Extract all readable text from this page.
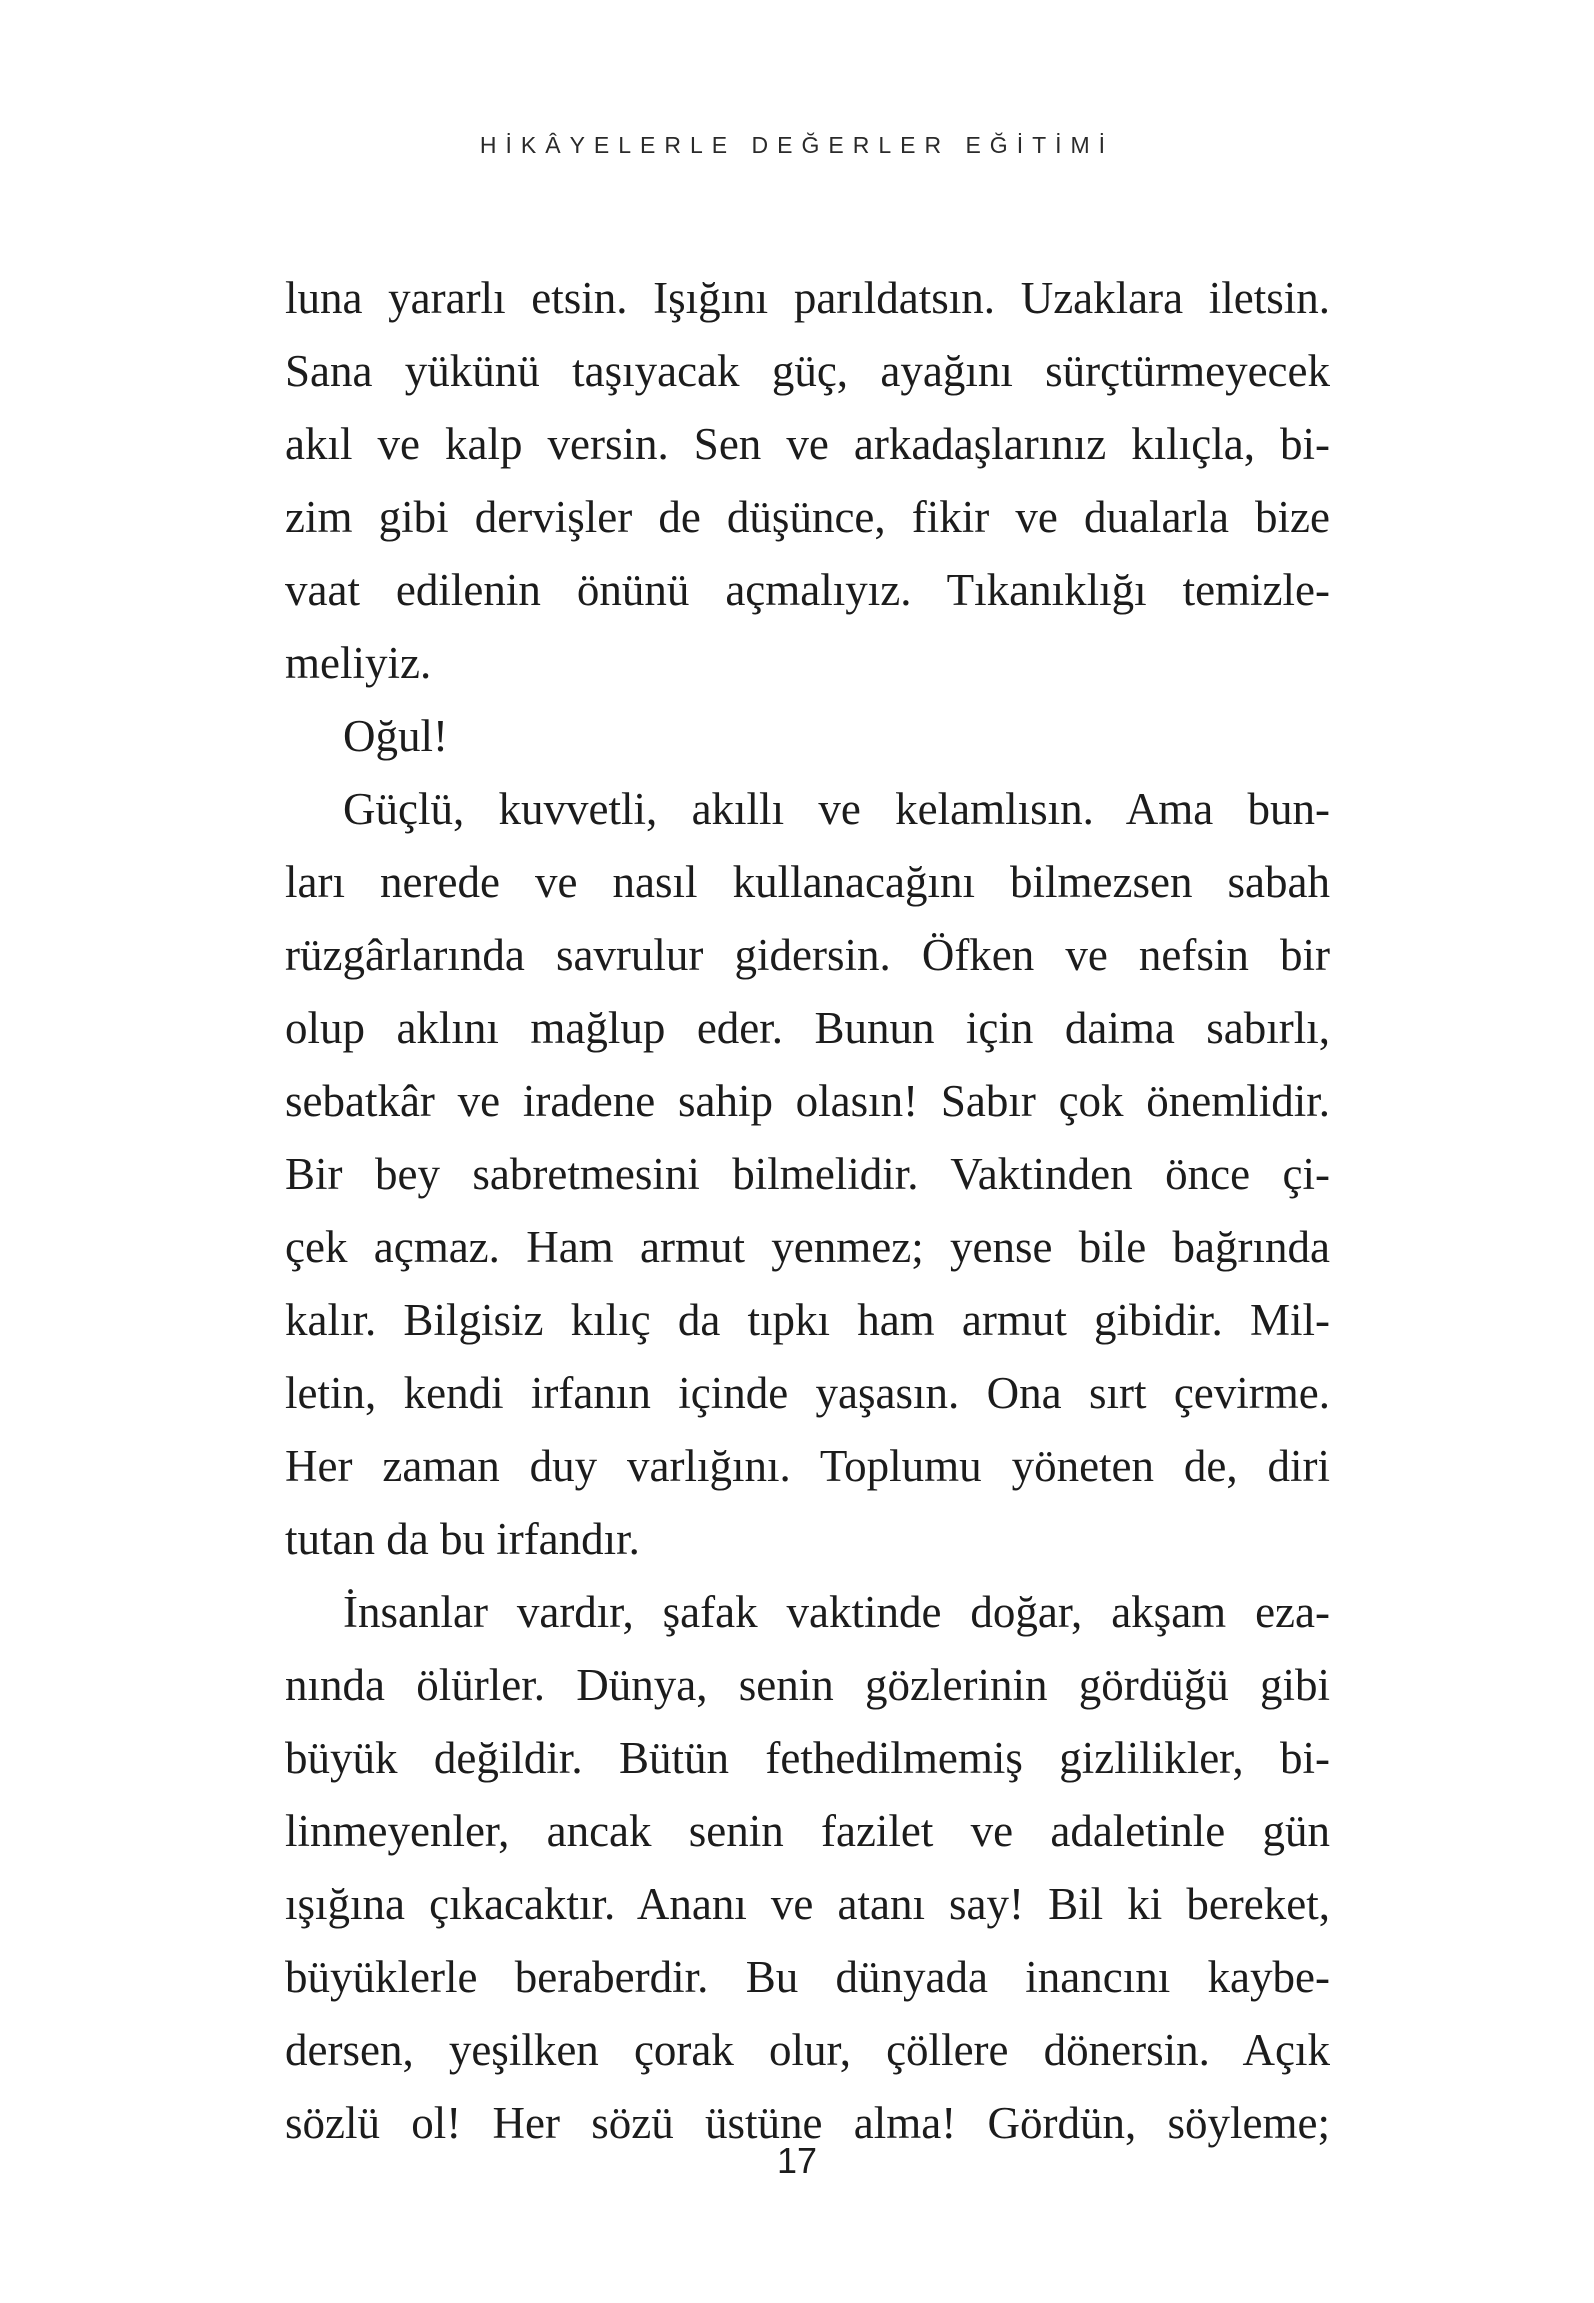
HİKÂYELERLE DEĞERLER EĞİTİMİ
luna yararlı etsin. Işığını parıldatsın. Uzaklara iletsin.
Sana yükünü taşıyacak güç, ayağını sürçtürmeyecek
akıl ve kalp versin. Sen ve arkadaşlarınız kılıçla, bi-
zim gibi dervişler de düşünce, fikir ve dualarla bize
vaat edilenin önünü açmalıyız. Tıkanıklığı temizle-
meliyiz.
Oğul!
Güçlü, kuvvetli, akıllı ve kelamlısın. Ama bun-
ları nerede ve nasıl kullanacağını bilmezsen sabah
rüzgârlarında savrulur gidersin. Öfken ve nefsin bir
olup aklını mağlup eder. Bunun için daima sabırlı,
sebatkâr ve iradene sahip olasın! Sabır çok önemlidir.
Bir bey sabretmesini bilmelidir. Vaktinden önce çi-
çek açmaz. Ham armut yenmez; yense bile bağrında
kalır. Bilgisiz kılıç da tıpkı ham armut gibidir. Mil-
letin, kendi irfanın içinde yaşasın. Ona sırt çevirme.
Her zaman duy varlığını. Toplumu yöneten de, diri
tutan da bu irfandır.
İnsanlar vardır, şafak vaktinde doğar, akşam eza-
nında ölürler. Dünya, senin gözlerinin gördüğü gibi
büyük değildir. Bütün fethedilmemiş gizlilikler, bi-
linmeyenler, ancak senin fazilet ve adaletinle gün
ışığına çıkacaktır. Ananı ve atanı say! Bil ki bereket,
büyüklerle beraberdir. Bu dünyada inancını kaybe-
dersen, yeşilken çorak olur, çöllere dönersin. Açık
sözlü ol! Her sözü üstüne alma! Gördün, söyleme;
17
